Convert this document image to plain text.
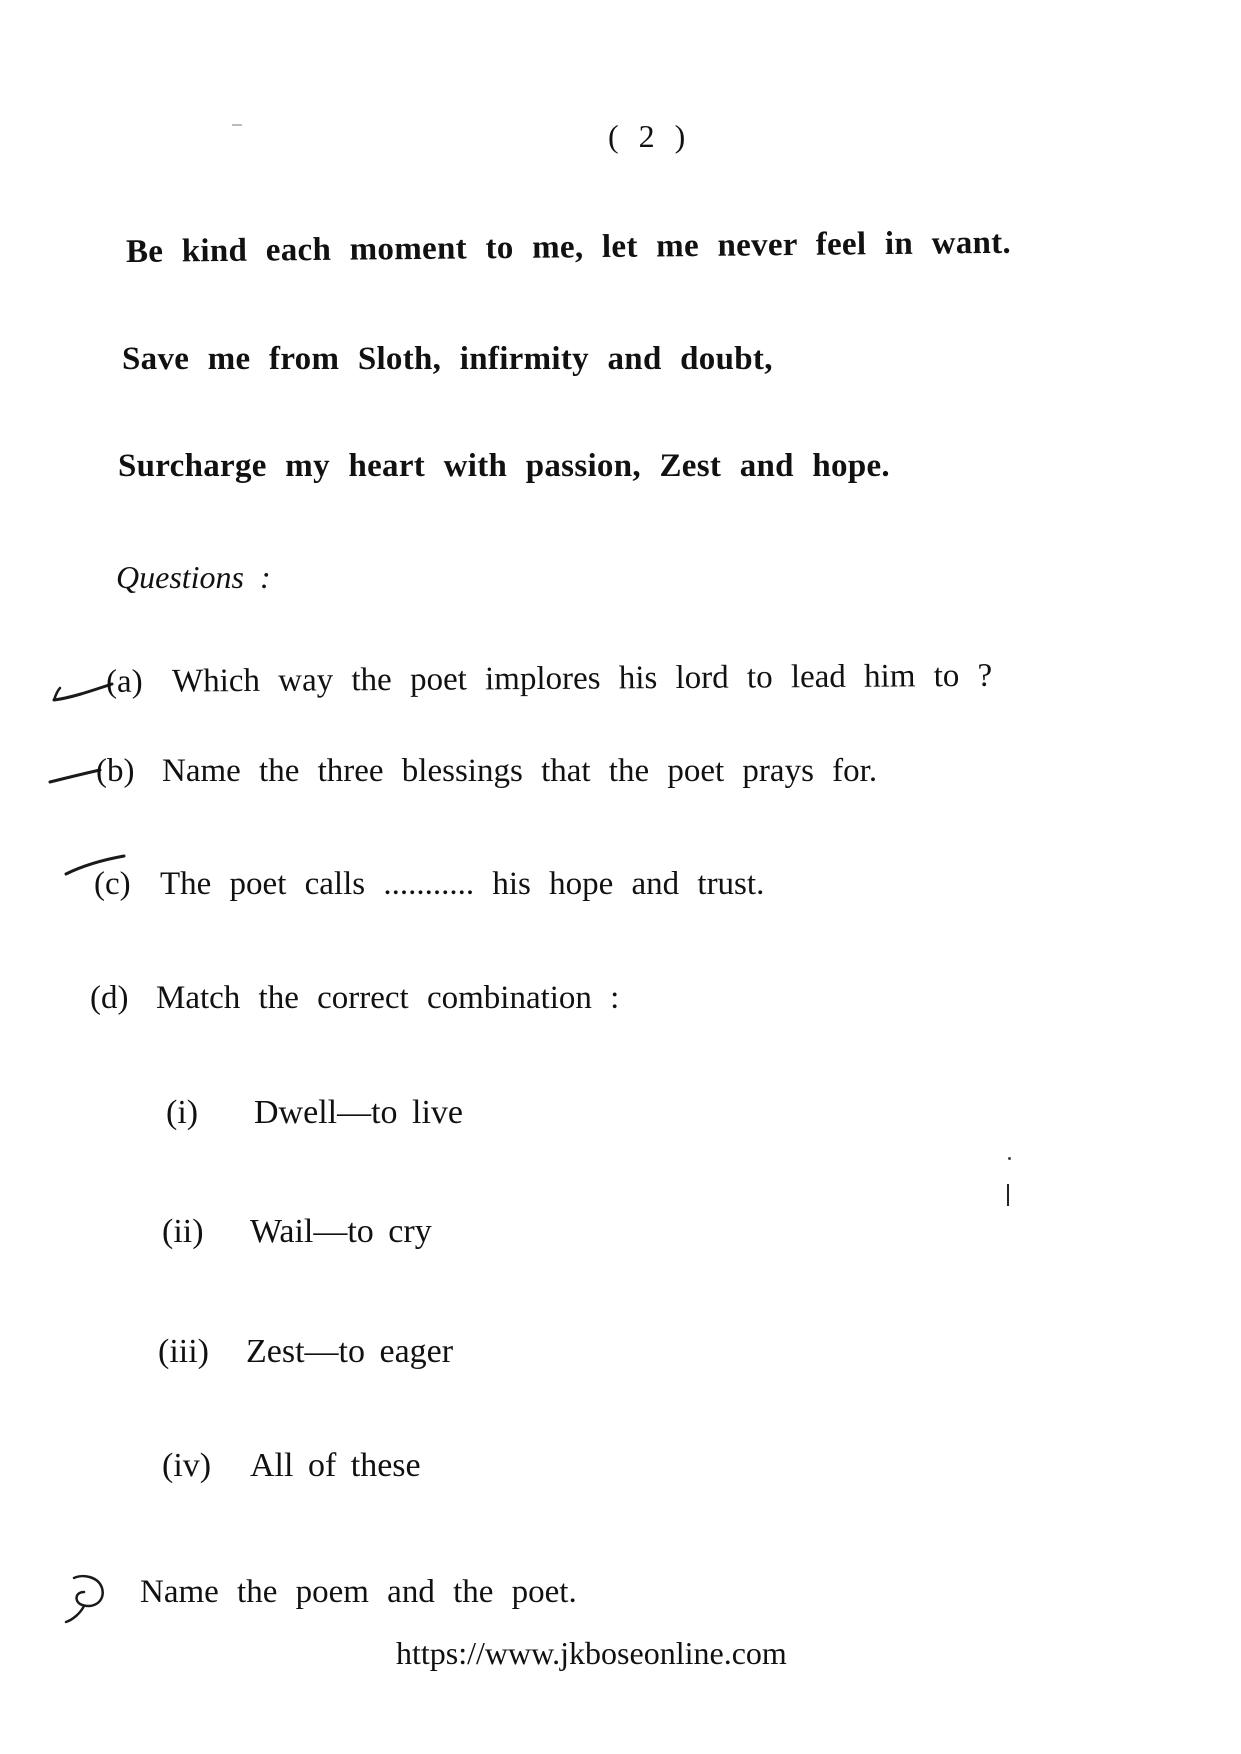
( 2 )
Be kind each moment to me, let me never feel in want.
Save me from Sloth, infirmity and doubt,
Surcharge my heart with passion, Zest and hope.
Questions :
(a) Which way the poet implores his lord to lead him to ?
(b) Name the three blessings that the poet prays for.
(c) The poet calls ........... his hope and trust.
(d) Match the correct combination :
(i) Dwell—to live
(ii) Wail—to cry
(iii) Zest—to eager
(iv) All of these
Name the poem and the poet.
https://www.jkboseonline.com
